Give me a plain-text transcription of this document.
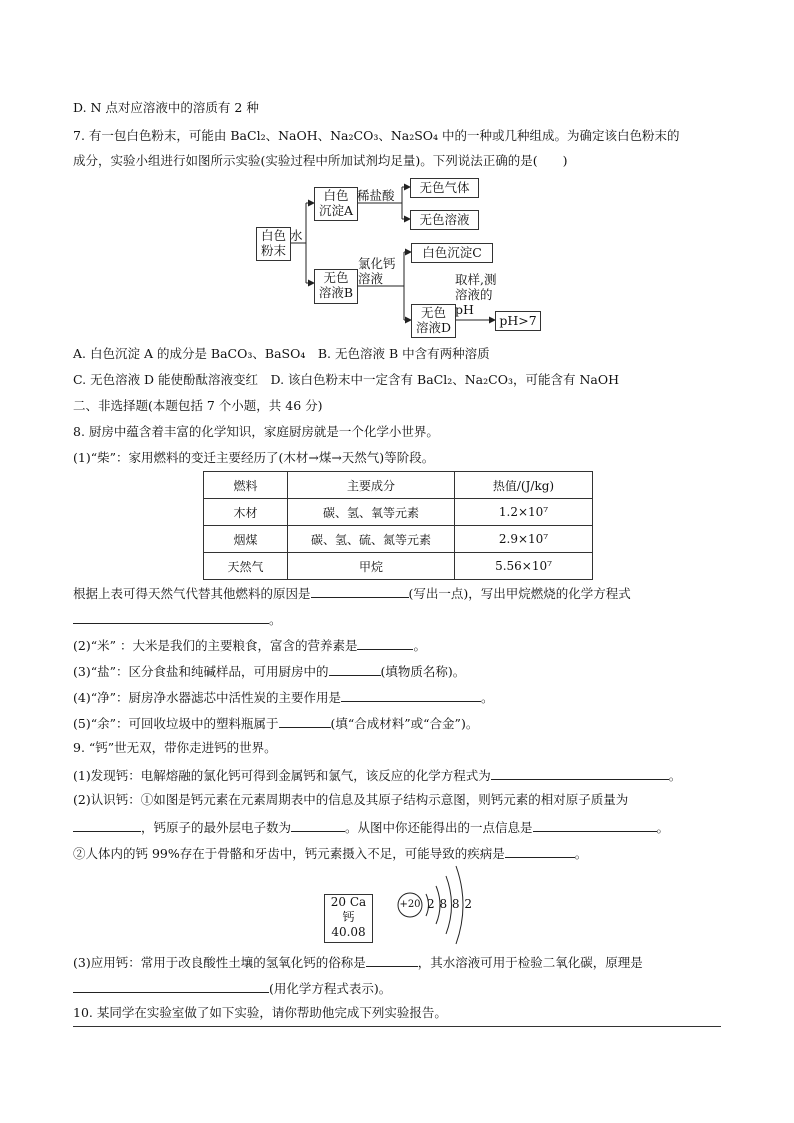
D. N 点对应溶液中的溶质有 2 种
7. 有一包白色粉末，可能由 BaCl₂、NaOH、Na₂CO₃、Na₂SO₄ 中的一种或几种组成。为确定该白色粉末的
成分，实验小组进行如图所示实验(实验过程中所加试剂均足量)。下列说法正确的是(　　)
白色
粉末
水
白色
沉淀A
稀盐酸
无色气体
无色溶液
无色
溶液B
氯化钙
溶液
白色沉淀C
无色
溶液D
取样,测
溶液的
pH
pH>7
A. 白色沉淀 A 的成分是 BaCO₃、BaSO₄　B. 无色溶液 B 中含有两种溶质
C. 无色溶液 D 能使酚酞溶液变红　D. 该白色粉末中一定含有 BaCl₂、Na₂CO₃，可能含有 NaOH
二、非选择题(本题包括 7 个小题，共 46 分)
8. 厨房中蕴含着丰富的化学知识，家庭厨房就是一个化学小世界。
(1)“柴”：家用燃料的变迁主要经历了(木材→煤→天然气)等阶段。
燃料	主要成分	热值/(J/kg)
木材	碳、氢、氧等元素	1.2×10⁷
烟煤	碳、氢、硫、氮等元素	2.9×10⁷
天然气	甲烷	5.56×10⁷
根据上表可得天然气代替其他燃料的原因是	(写出一点)，写出甲烷燃烧的化学方程式
。
(2)“米” ：大米是我们的主要粮食，富含的营养素是	。
(3)“盐”：区分食盐和纯碱样品，可用厨房中的	(填物质名称)。
(4)“净”：厨房净水器滤芯中活性炭的主要作用是	。
(5)“余”：可回收垃圾中的塑料瓶属于	(填“合成材料”或“合金”)。
9. “钙”世无双，带你走进钙的世界。
(1)发现钙：电解熔融的氯化钙可得到金属钙和氯气，该反应的化学方程式为	。
(2)认识钙：①如图是钙元素在元素周期表中的信息及其原子结构示意图，则钙元素的相对原子质量为
，钙原子的最外层电子数为	。从图中你还能得出的一点信息是	。
②人体内的钙 99%存在于骨骼和牙齿中，钙元素摄入不足，可能导致的疾病是	。
20 Ca
钙
40.08
+20 2 8 8 2
(3)应用钙：常用于改良酸性土壤的氢氧化钙的俗称是	，其水溶液可用于检验二氧化碳，原理是
(用化学方程式表示)。
10. 某同学在实验室做了如下实验，请你帮助他完成下列实验报告。
